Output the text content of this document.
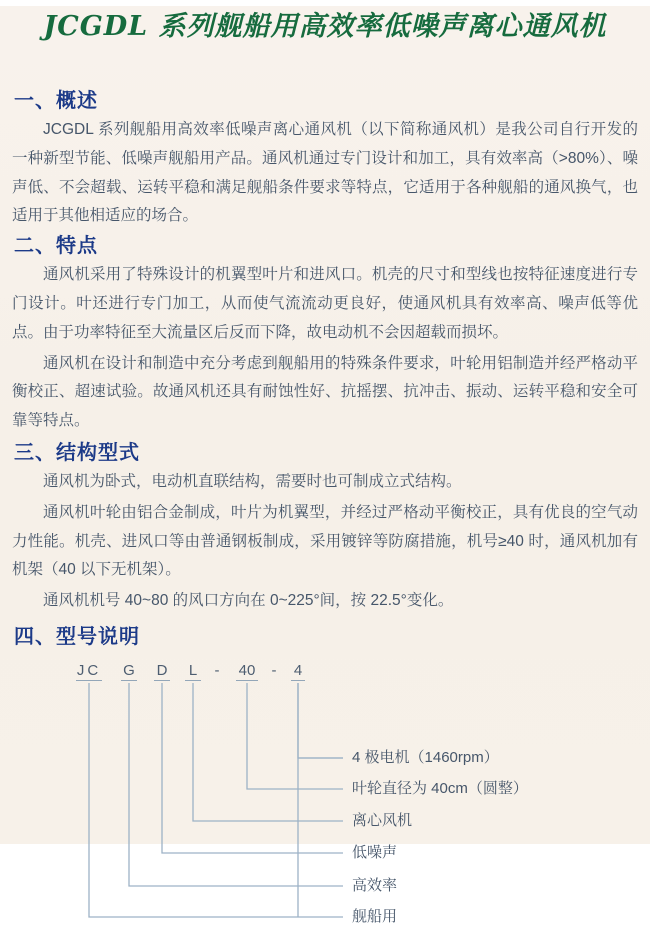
JCGDL 系列舰船用高效率低噪声离心通风机
一、概述

JCGDL 系列舰船用高效率低噪声离心通风机（以下简称通风机）是我公司自行开发的一种新型节能、低噪声舰船用产品。通风机通过专门设计和加工，具有效率高（>80%）、噪声低、不会超载、运转平稳和满足舰船条件要求等特点，它适用于各种舰船的通风换气，也适用于其他相适应的场合。

二、特点

通风机采用了特殊设计的机翼型叶片和进风口。机壳的尺寸和型线也按特征速度进行专门设计。叶还进行专门加工，从而使气流流动更良好，使通风机具有效率高、噪声低等优点。由于功率特征至大流量区后反而下降，故电动机不会因超载而损坏。

通风机在设计和制造中充分考虑到舰船用的特殊条件要求，叶轮用铝制造并经严格动平衡校正、超速试验。故通风机还具有耐蚀性好、抗摇摆、抗冲击、振动、运转平稳和安全可靠等特点。

三、结构型式

通风机为卧式，电动机直联结构，需要时也可制成立式结构。

通风机叶轮由铝合金制成，叶片为机翼型，并经过严格动平衡校正，具有优良的空气动力性能。机壳、进风口等由普通钢板制成，采用镀锌等防腐措施，机号≥40 时，通风机加有机架（40 以下无机架）。

通风机机号 40~80 的风口方向在 0~225°间，按 22.5°变化。

四、型号说明
JC G D L - 40 - 4
4 极电机（1460rpm）
叶轮直径为 40cm（圆整）
离心风机
低噪声
高效率
舰船用
